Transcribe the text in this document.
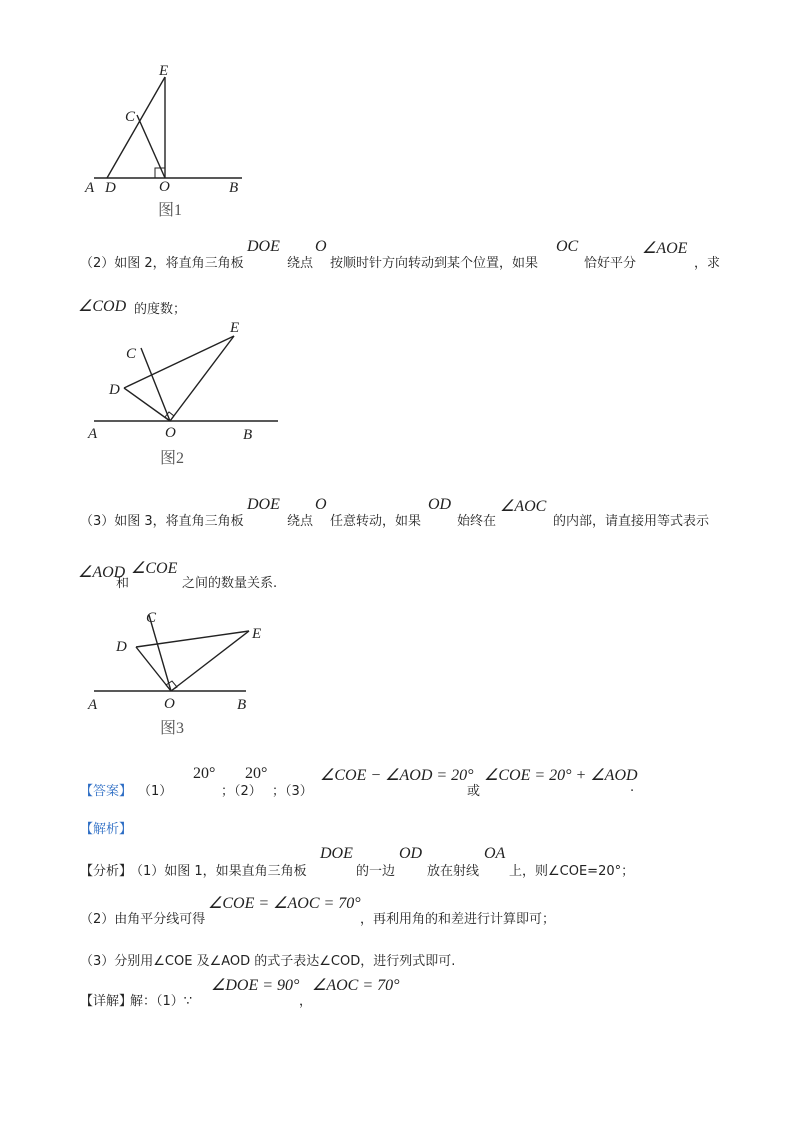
A D	O	B
C
E
图1
（2）如图 2，将直角三角板
DOE
绕点
O
按顺时针方向转动到某个位置，如果
OC
恰好平分
∠AOE
，求
∠COD 的度数；
A	O	B
C
D
E
图2
（3）如图 3，将直角三角板
DOE
绕点
O
任意转动，如果
OD
始终在
∠AOC
的内部，请直接用等式表示
∠AOD
和
∠COE
之间的数量关系.
A	O	B
C
D
E
图3
【答案】 （1）
20°
；（2）
20°
；（3）
∠COE − ∠AOD = 20°
或
∠COE = 20° + ∠AOD
.
【解析】
【分析】
（1）如图 1，如果直角三角板
DOE
的一边
OD
放在射线
OA
上，则∠COE=20°；
（2）由角平分线可得
∠COE = ∠AOC = 70°
，再利用角的和差进行计算即可；
（3）分别用∠COE 及∠AOD 的式子表达∠COD，进行列式即可.
【详解】
解：（1）∵
∠DOE = 90°
，
∠AOC = 70°
